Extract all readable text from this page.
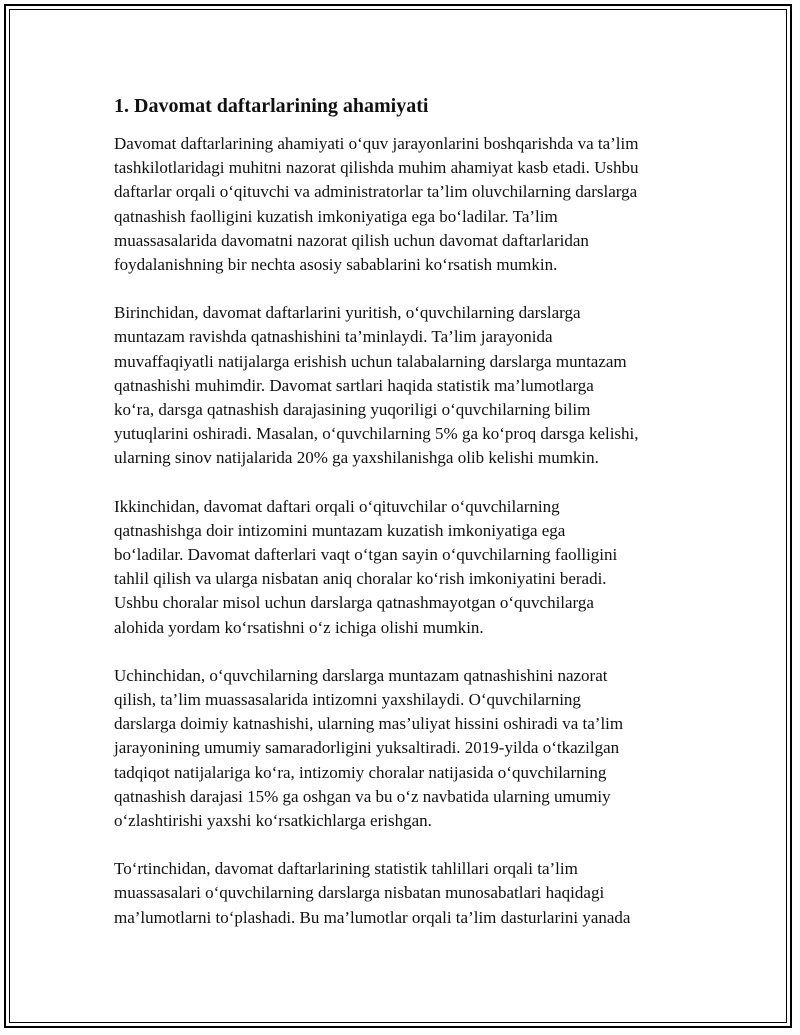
1. Davomat daftarlarining ahamiyati

Davomat daftarlarining ahamiyati o‘quv jarayonlarini boshqarishda va ta’lim
tashkilotlaridagi muhitni nazorat qilishda muhim ahamiyat kasb etadi. Ushbu
daftarlar orqali o‘qituvchi va administratorlar ta’lim oluvchilarning darslarga
qatnashish faolligini kuzatish imkoniyatiga ega bo‘ladilar. Ta’lim
muassasalarida davomatni nazorat qilish uchun davomat daftarlaridan
foydalanishning bir nechta asosiy sabablarini ko‘rsatish mumkin.

Birinchidan, davomat daftarlarini yuritish, o‘quvchilarning darslarga
muntazam ravishda qatnashishini ta’minlaydi. Ta’lim jarayonida
muvaffaqiyatli natijalarga erishish uchun talabalarning darslarga muntazam
qatnashishi muhimdir. Davomat sartlari haqida statistik ma’lumotlarga
ko‘ra, darsga qatnashish darajasining yuqoriligi o‘quvchilarning bilim
yutuqlarini oshiradi. Masalan, o‘quvchilarning 5% ga ko‘proq darsga kelishi,
ularning sinov natijalarida 20% ga yaxshilanishga olib kelishi mumkin.

Ikkinchidan, davomat daftari orqali o‘qituvchilar o‘quvchilarning
qatnashishga doir intizomini muntazam kuzatish imkoniyatiga ega
bo‘ladilar. Davomat dafterlari vaqt o‘tgan sayin o‘quvchilarning faolligini
tahlil qilish va ularga nisbatan aniq choralar ko‘rish imkoniyatini beradi.
Ushbu choralar misol uchun darslarga qatnashmayotgan o‘quvchilarga
alohida yordam ko‘rsatishni o‘z ichiga olishi mumkin.

Uchinchidan, o‘quvchilarning darslarga muntazam qatnashishini nazorat
qilish, ta’lim muassasalarida intizomni yaxshilaydi. O‘quvchilarning
darslarga doimiy katnashishi, ularning mas’uliyat hissini oshiradi va ta’lim
jarayonining umumiy samaradorligini yuksaltiradi. 2019-yilda o‘tkazilgan
tadqiqot natijalariga ko‘ra, intizomiy choralar natijasida o‘quvchilarning
qatnashish darajasi 15% ga oshgan va bu o‘z navbatida ularning umumiy
o‘zlashtirishi yaxshi ko‘rsatkichlarga erishgan.

To‘rtinchidan, davomat daftarlarining statistik tahlillari orqali ta’lim
muassasalari o‘quvchilarning darslarga nisbatan munosabatlari haqidagi
ma’lumotlarni to‘plashadi. Bu ma’lumotlar orqali ta’lim dasturlarini yanada
